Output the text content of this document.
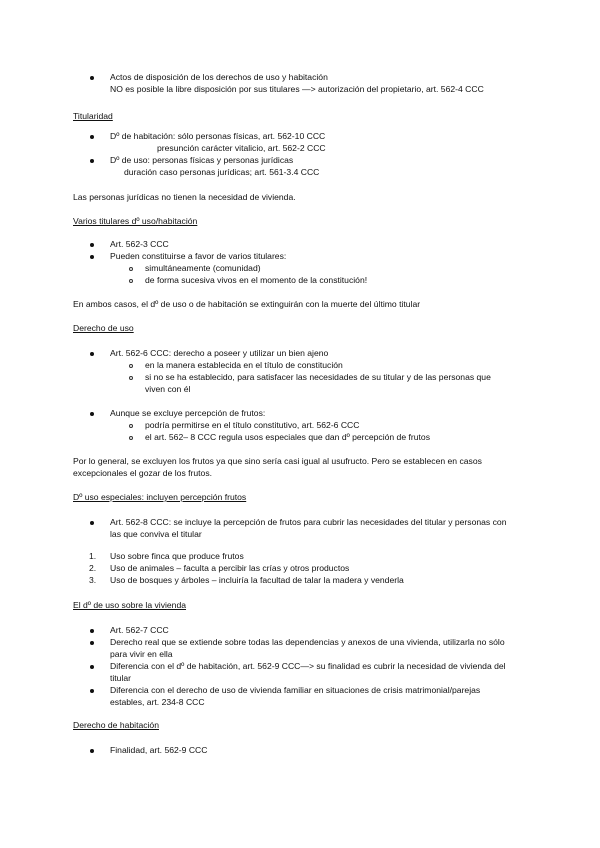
Actos de disposición de los derechos de uso y habitación
NO es posible la libre disposición por sus titulares —> autorización del propietario, art. 562-4 CCC
Titularidad
Dº de habitación: sólo personas físicas, art. 562-10 CCC
presunción carácter vitalicio, art. 562-2 CCC
Dº de uso: personas físicas y personas jurídicas
duración caso personas jurídicas; art. 561-3.4 CCC
Las personas jurídicas no tienen la necesidad de vivienda.
Varios titulares dº uso/habitación
Art. 562-3 CCC
Pueden constituirse a favor de varios titulares:
simultáneamente (comunidad)
de forma sucesiva vivos en el momento de la constitución!
En ambos casos, el dº de uso o de habitación se extinguirán con la muerte del último titular
Derecho de uso
Art. 562-6 CCC: derecho a poseer y utilizar un bien ajeno
en la manera establecida en el título de constitución
si no se ha establecido, para satisfacer las necesidades de su titular y de las personas que
viven con él
Aunque se excluye percepción de frutos:
podría permitirse en el título constitutivo, art. 562-6 CCC
el art. 562– 8 CCC regula usos especiales que dan dº percepción de frutos
Por lo general, se excluyen los frutos ya que sino sería casi igual al usufructo. Pero se establecen en casos
excepcionales el gozar de los frutos.
Dº uso especiales: incluyen percepción frutos
Art. 562-8 CCC: se incluye la percepción de frutos para cubrir las necesidades del titular y personas con
las que conviva el titular
1. Uso sobre finca que produce frutos
2. Uso de animales – faculta a percibir las crías y otros productos
3. Uso de bosques y árboles – incluiría la facultad de talar la madera y venderla
El dº de uso sobre la vivienda
Art. 562-7 CCC
Derecho real que se extiende sobre todas las dependencias y anexos de una vivienda, utilizarla no sólo
para vivir en ella
Diferencia con el dº de habitación, art. 562-9 CCC—> su finalidad es cubrir la necesidad de vivienda del
titular
Diferencia con el derecho de uso de vivienda familiar en situaciones de crisis matrimonial/parejas
estables, art. 234-8 CCC
Derecho de habitación
Finalidad, art. 562-9 CCC
